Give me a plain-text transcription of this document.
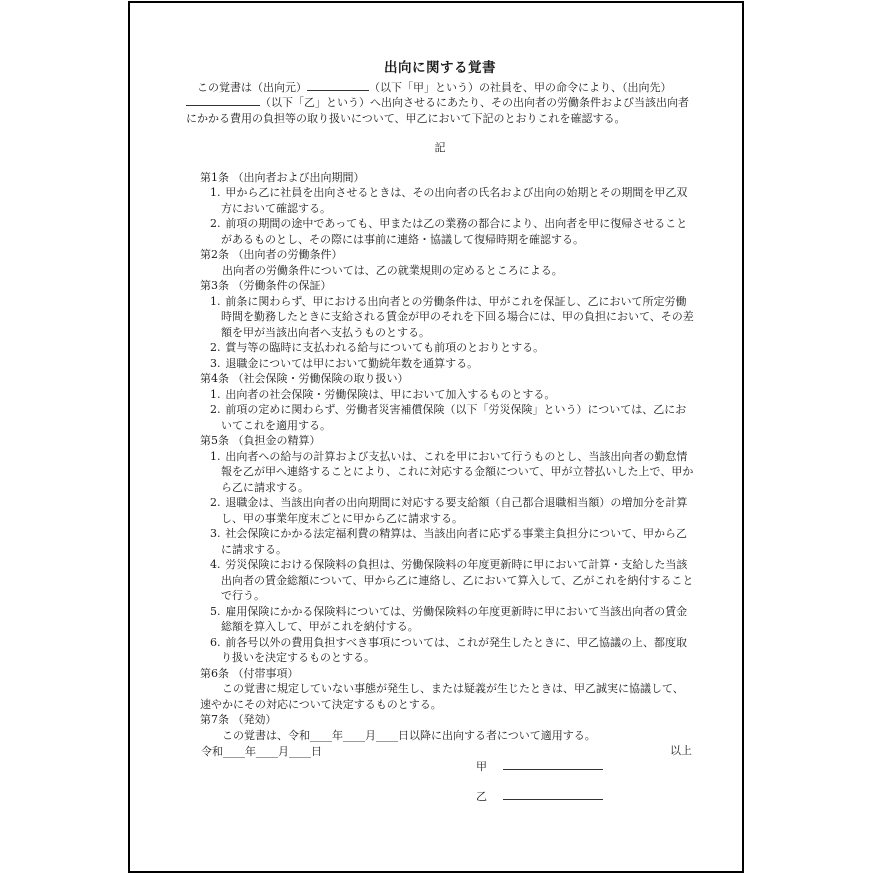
出向に関する覚書

この覚書は（出向元）	（以下「甲」という）の社員を、甲の命令により、（出向先）（以下「乙」という）へ出向させるにあたり、その出向者の労働条件および当該出向者にかかる費用の負担等の取り扱いについて、甲乙において下記のとおりこれを確認する。

記
第1条 （出向者および出向期間）
1. 甲から乙に社員を出向させるときは、その出向者の氏名および出向の始期とその期間を甲乙双方において確認する。
2. 前項の期間の途中であっても、甲または乙の業務の都合により、出向者を甲に復帰させることがあるものとし、その際には事前に連絡・協議して復帰時期を確認する。
第2条 （出向者の労働条件）
出向者の労働条件については、乙の就業規則の定めるところによる。
第3条 （労働条件の保証）
1. 前条に関わらず、甲における出向者との労働条件は、甲がこれを保証し、乙において所定労働時間を勤務したときに支給される賃金が甲のそれを下回る場合には、甲の負担において、その差額を甲が当該出向者へ支払うものとする。
2. 賞与等の臨時に支払われる給与についても前項のとおりとする。
3. 退職金については甲において勤続年数を通算する。
第4条 （社会保険・労働保険の取り扱い）
1. 出向者の社会保険・労働保険は、甲において加入するものとする。
2. 前項の定めに関わらず、労働者災害補償保険（以下「労災保険」という）については、乙においてこれを適用する。
第5条 （負担金の精算）
1. 出向者への給与の計算および支払いは、これを甲において行うものとし、当該出向者の勤怠情報を乙が甲へ連絡することにより、これに対応する金額について、甲が立替払いした上で、甲から乙に請求する。
2. 退職金は、当該出向者の出向期間に対応する要支給額（自己都合退職相当額）の増加分を計算し、甲の事業年度末ごとに甲から乙に請求する。
3. 社会保険にかかる法定福利費の精算は、当該出向者に応ずる事業主負担分について、甲から乙に請求する。
4. 労災保険における保険料の負担は、労働保険料の年度更新時に甲において計算・支給した当該出向者の賃金総額について、甲から乙に連絡し、乙において算入して、乙がこれを納付することで行う。
5. 雇用保険にかかる保険料については、労働保険料の年度更新時に甲において当該出向者の賃金総額を算入して、甲がこれを納付する。
6. 前各号以外の費用負担すべき事項については、これが発生したときに、甲乙協議の上、都度取り扱いを決定するものとする。
第6条 （付帯事項）
この覚書に規定していない事態が発生し、または疑義が生じたときは、甲乙誠実に協議して、速やかにその対応について決定するものとする。
第7条 （発効）
この覚書は、令和____年____月____日以降に出向する者について適用する。
以上
令和____年____月____日
甲
乙
